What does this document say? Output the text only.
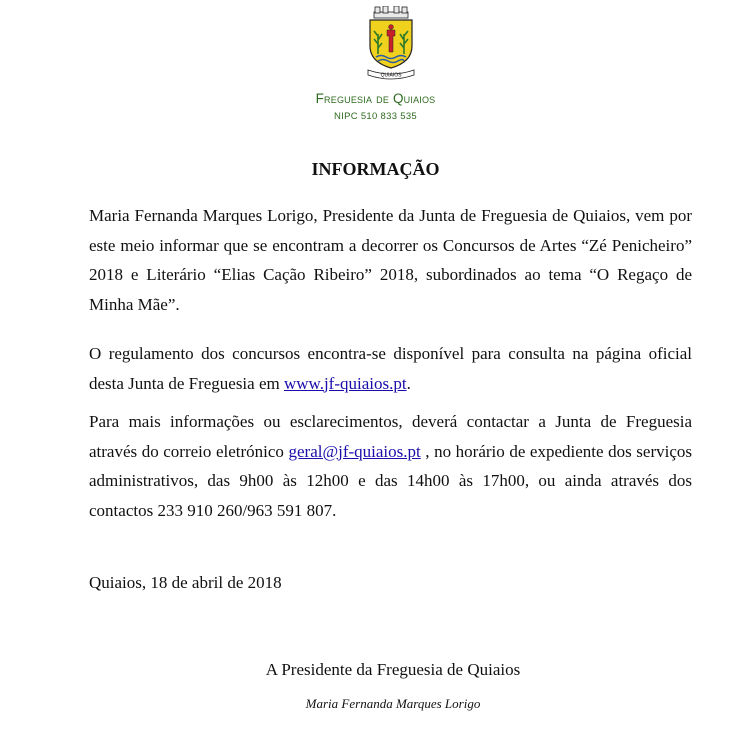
QUIAIOS
Freguesia de Quiaios
NIPC 510 833 535
INFORMAÇÃO

Maria Fernanda Marques Lorigo, Presidente da Junta de Freguesia de Quiaios, vem por este meio informar que se encontram a decorrer os Concursos de Artes “Zé Penicheiro” 2018 e Literário “Elias Cação Ribeiro” 2018, subordinados ao tema “O Regaço de Minha Mãe”.

O regulamento dos concursos encontra-se disponível para consulta na página oficial desta Junta de Freguesia em www.jf-quiaios.pt.

Para mais informações ou esclarecimentos, deverá contactar a Junta de Freguesia através do correio eletrónico geral@jf-quiaios.pt , no horário de expediente dos serviços administrativos, das 9h00 às 12h00 e das 14h00 às 17h00, ou ainda através dos contactos 233 910 260/963 591 807.

Quiaios, 18 de abril de 2018
A Presidente da Freguesia de Quiaios
Maria Fernanda Marques Lorigo
